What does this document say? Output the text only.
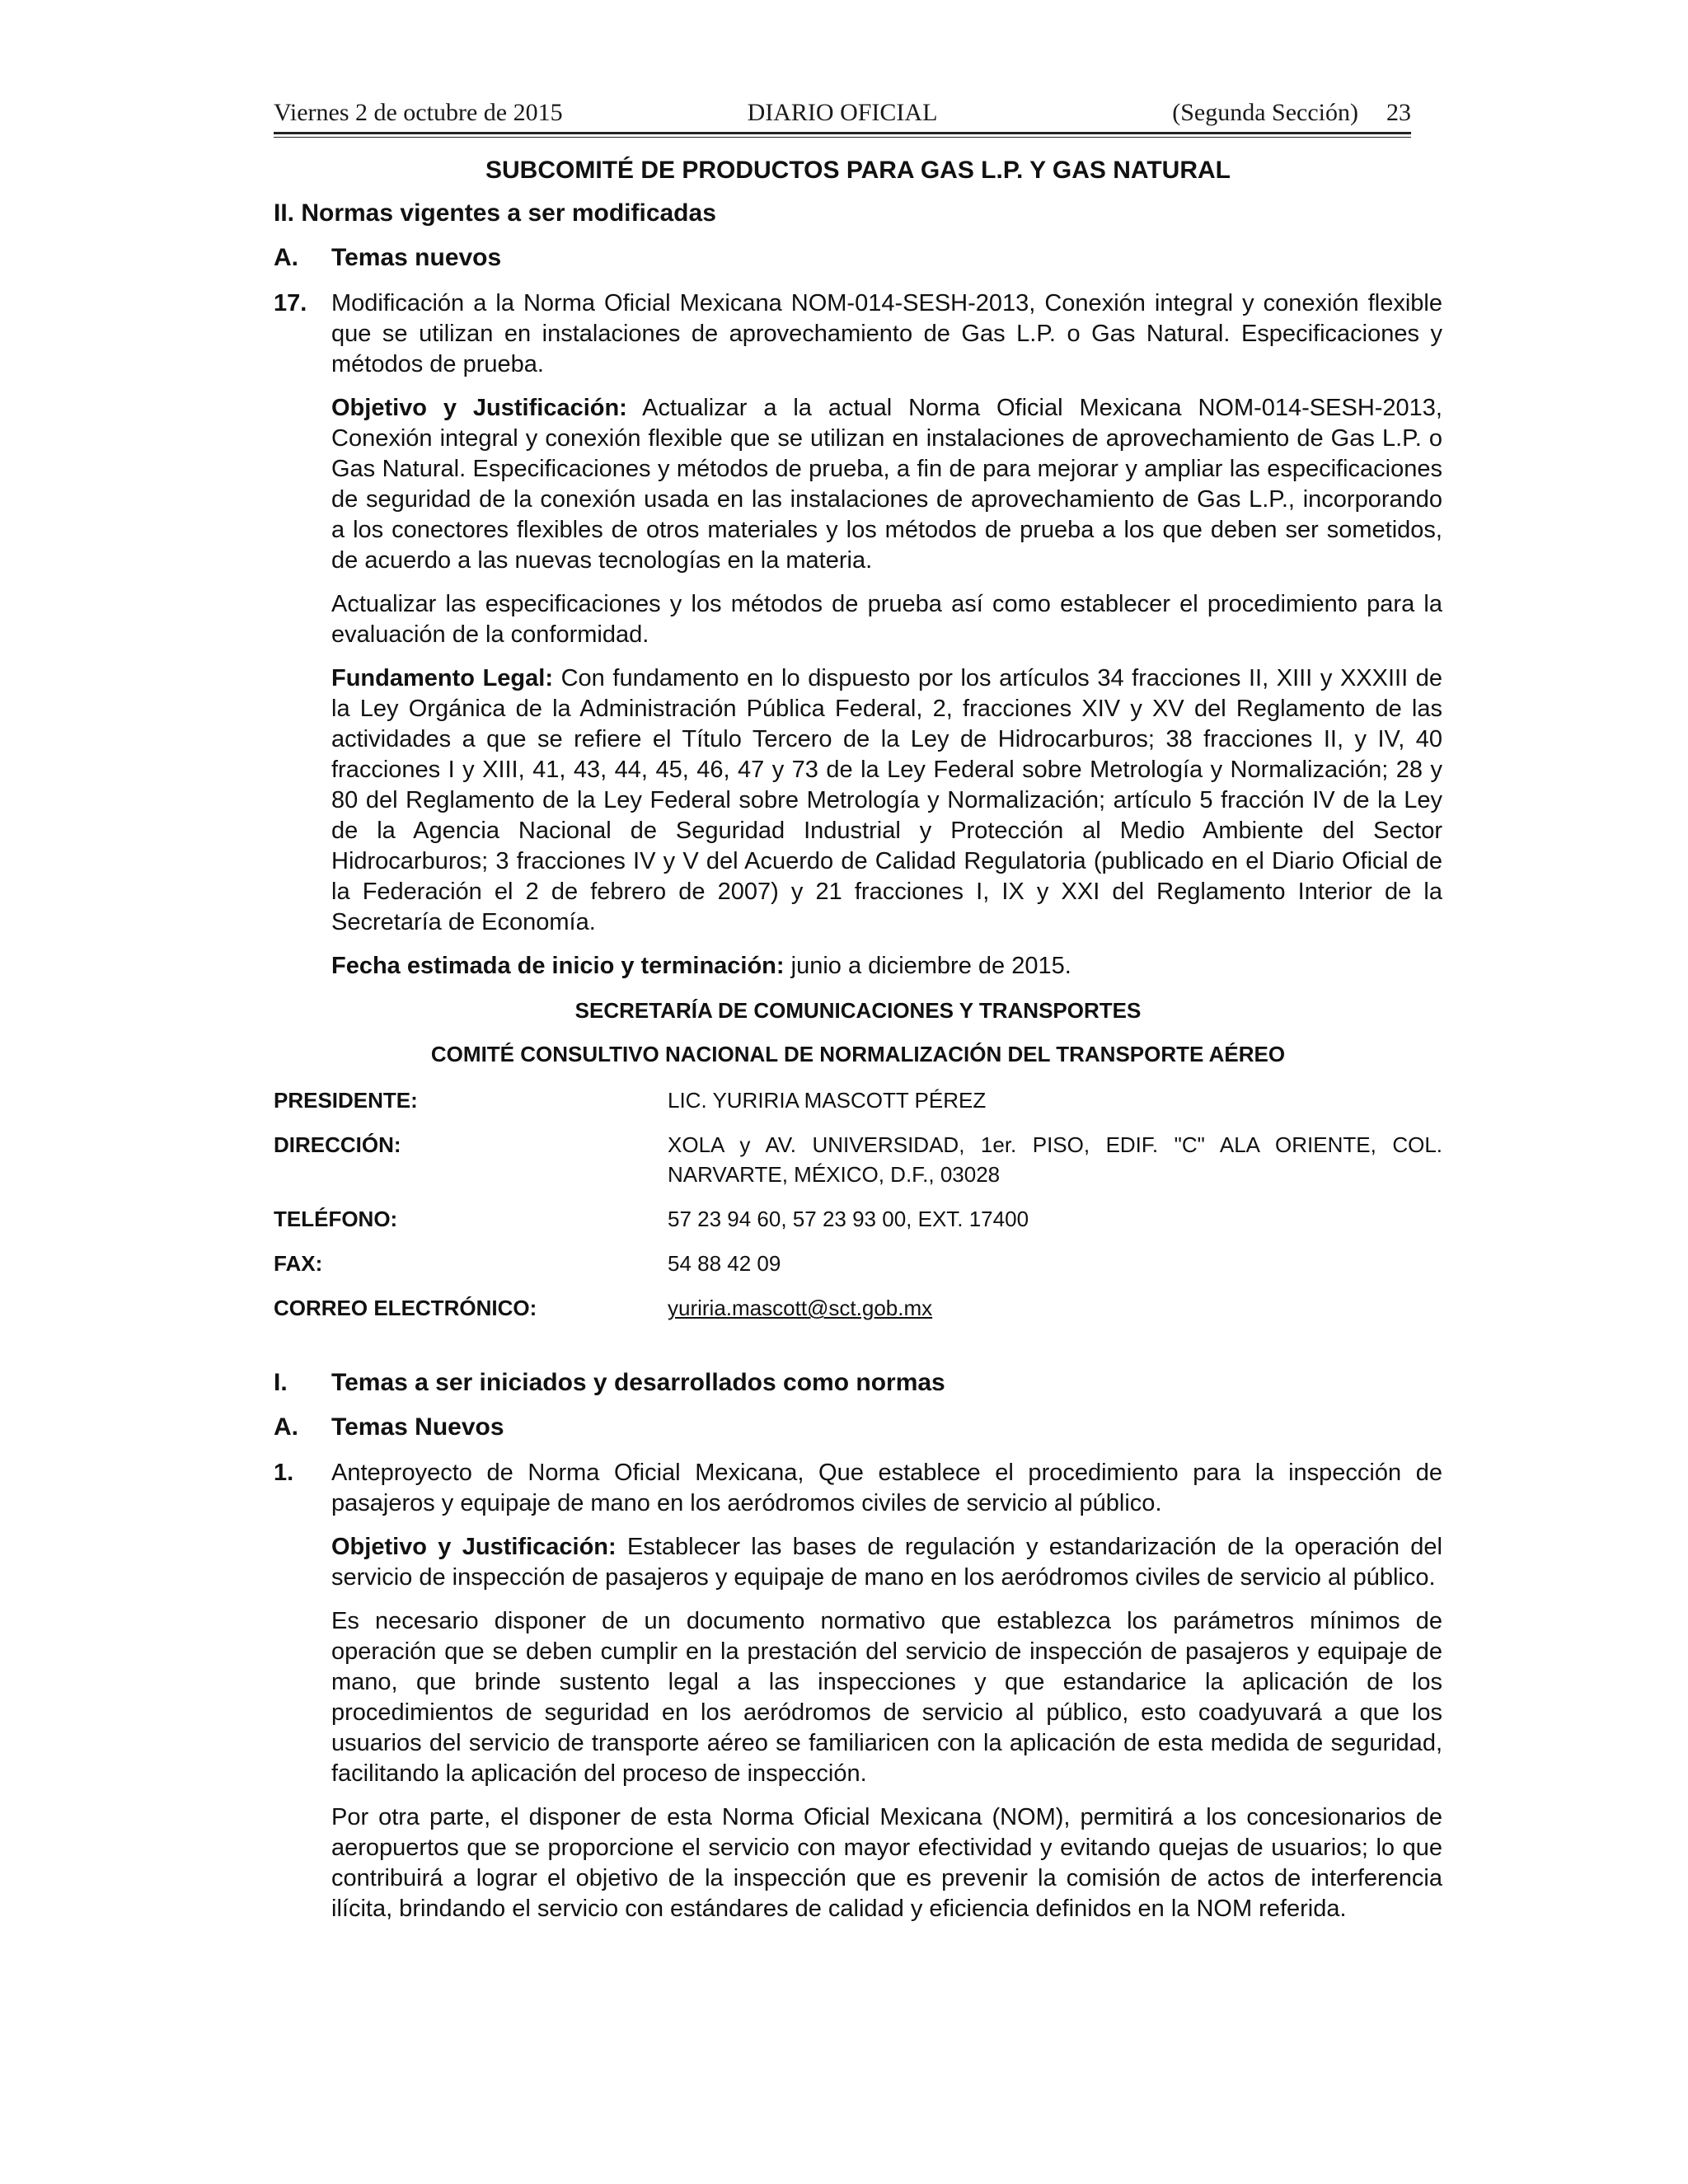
Viernes 2 de octubre de 2015	DIARIO OFICIAL	(Segunda Sección) 23
SUBCOMITÉ DE PRODUCTOS PARA GAS L.P. Y GAS NATURAL
II. Normas vigentes a ser modificadas
A.	Temas nuevos
17.	Modificación a la Norma Oficial Mexicana NOM-014-SESH-2013, Conexión integral y conexión flexible que se utilizan en instalaciones de aprovechamiento de Gas L.P. o Gas Natural. Especificaciones y métodos de prueba.

Objetivo y Justificación: Actualizar a la actual Norma Oficial Mexicana NOM-014-SESH-2013, Conexión integral y conexión flexible que se utilizan en instalaciones de aprovechamiento de Gas L.P. o Gas Natural. Especificaciones y métodos de prueba, a fin de para mejorar y ampliar las especificaciones de seguridad de la conexión usada en las instalaciones de aprovechamiento de Gas L.P., incorporando a los conectores flexibles de otros materiales y los métodos de prueba a los que deben ser sometidos, de acuerdo a las nuevas tecnologías en la materia.

Actualizar las especificaciones y los métodos de prueba así como establecer el procedimiento para la evaluación de la conformidad.

Fundamento Legal: Con fundamento en lo dispuesto por los artículos 34 fracciones II, XIII y XXXIII de la Ley Orgánica de la Administración Pública Federal, 2, fracciones XIV y XV del Reglamento de las actividades a que se refiere el Título Tercero de la Ley de Hidrocarburos; 38 fracciones II, y IV, 40 fracciones I y XIII, 41, 43, 44, 45, 46, 47 y 73 de la Ley Federal sobre Metrología y Normalización; 28 y 80 del Reglamento de la Ley Federal sobre Metrología y Normalización; artículo 5 fracción IV de la Ley de la Agencia Nacional de Seguridad Industrial y Protección al Medio Ambiente del Sector Hidrocarburos; 3 fracciones IV y V del Acuerdo de Calidad Regulatoria (publicado en el Diario Oficial de la Federación el 2 de febrero de 2007) y 21 fracciones I, IX y XXI del Reglamento Interior de la Secretaría de Economía.

Fecha estimada de inicio y terminación: junio a diciembre de 2015.

SECRETARÍA DE COMUNICACIONES Y TRANSPORTES
COMITÉ CONSULTIVO NACIONAL DE NORMALIZACIÓN DEL TRANSPORTE AÉREO
PRESIDENTE:	LIC. YURIRIA MASCOTT PÉREZ
DIRECCIÓN:	XOLA y AV. UNIVERSIDAD, 1er. PISO, EDIF. "C" ALA ORIENTE, COL. NARVARTE, MÉXICO, D.F., 03028
TELÉFONO:	57 23 94 60, 57 23 93 00, EXT. 17400
FAX:	54 88 42 09
CORREO ELECTRÓNICO:	yuriria.mascott@sct.gob.mx
I.	Temas a ser iniciados y desarrollados como normas
A.	Temas Nuevos
1.	Anteproyecto de Norma Oficial Mexicana, Que establece el procedimiento para la inspección de pasajeros y equipaje de mano en los aeródromos civiles de servicio al público.

Objetivo y Justificación: Establecer las bases de regulación y estandarización de la operación del servicio de inspección de pasajeros y equipaje de mano en los aeródromos civiles de servicio al público.

Es necesario disponer de un documento normativo que establezca los parámetros mínimos de operación que se deben cumplir en la prestación del servicio de inspección de pasajeros y equipaje de mano, que brinde sustento legal a las inspecciones y que estandarice la aplicación de los procedimientos de seguridad en los aeródromos de servicio al público, esto coadyuvará a que los usuarios del servicio de transporte aéreo se familiaricen con la aplicación de esta medida de seguridad, facilitando la aplicación del proceso de inspección.

Por otra parte, el disponer de esta Norma Oficial Mexicana (NOM), permitirá a los concesionarios de aeropuertos que se proporcione el servicio con mayor efectividad y evitando quejas de usuarios; lo que contribuirá a lograr el objetivo de la inspección que es prevenir la comisión de actos de interferencia ilícita, brindando el servicio con estándares de calidad y eficiencia definidos en la NOM referida.
